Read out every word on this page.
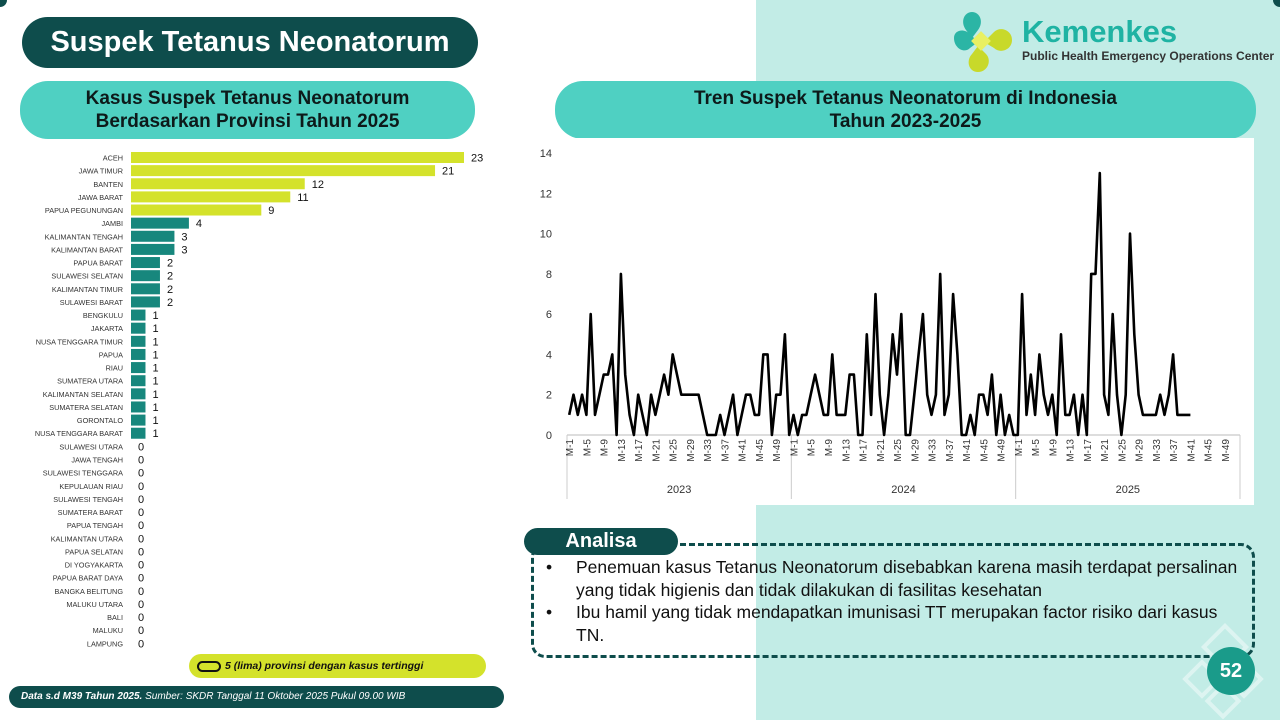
Suspek Tetanus Neonatorum	Kemenkes
Public Health Emergency Operations Center
Kasus Suspek Tetanus Neonatorum
Berdasarkan Provinsi Tahun 2025
Tren Suspek Tetanus Neonatorum di Indonesia
Tahun 2023-2025
ACEH	23
JAWA TIMUR	21
BANTEN	12
JAWA BARAT	11
PAPUA PEGUNUNGAN	9
JAMBI	4
KALIMANTAN TENGAH	3
KALIMANTAN BARAT	3
PAPUA BARAT	2
SULAWESI SELATAN	2
KALIMANTAN TIMUR	2
SULAWESI BARAT	2
BENGKULU	1
JAKARTA	1
NUSA TENGGARA TIMUR	1
PAPUA	1
RIAU	1
SUMATERA UTARA	1
KALIMANTAN SELATAN	1
SUMATERA SELATAN	1
GORONTALO	1
NUSA TENGGARA BARAT	1
SULAWESI UTARA 0
JAWA TENGAH 0
SULAWESI TENGGARA 0
KEPULAUAN RIAU 0
SULAWESI TENGAH 0
SUMATERA BARAT 0
PAPUA TENGAH 0
KALIMANTAN UTARA 0
PAPUA SELATAN 0
DI YOGYAKARTA 0
PAPUA BARAT DAYA 0
BANGKA BELITUNG 0
MALUKU UTARA 0
BALI 0
MALUKU 0
LAMPUNG 0
0
2
4
6
8
10
12
14
2023	2024	2025
M-1 M-5 M-9 M-13 M-17 M-21 M-25 M-29 M-33 M-37 M-41 M-45 M-49 M-1 M-5 M-9 M-13 M-17 M-21 M-25 M-29 M-33 M-37 M-41 M-45 M-49 M-1 M-5 M-9 M-13 M-17 M-21 M-25 M-29 M-33 M-37 M-41 M-45 M-49
Analisa
• Penemuan kasus Tetanus Neonatorum disebabkan karena masih terdapat persalinan yang tidak higienis dan tidak dilakukan di fasilitas kesehatan
• Ibu hamil yang tidak mendapatkan imunisasi TT merupakan factor risiko dari kasus TN.
5 (lima) provinsi dengan kasus tertinggi
Data s.d M39 Tahun 2025. Sumber: SKDR Tanggal 11 Oktober 2025 Pukul 09.00 WIB
52
